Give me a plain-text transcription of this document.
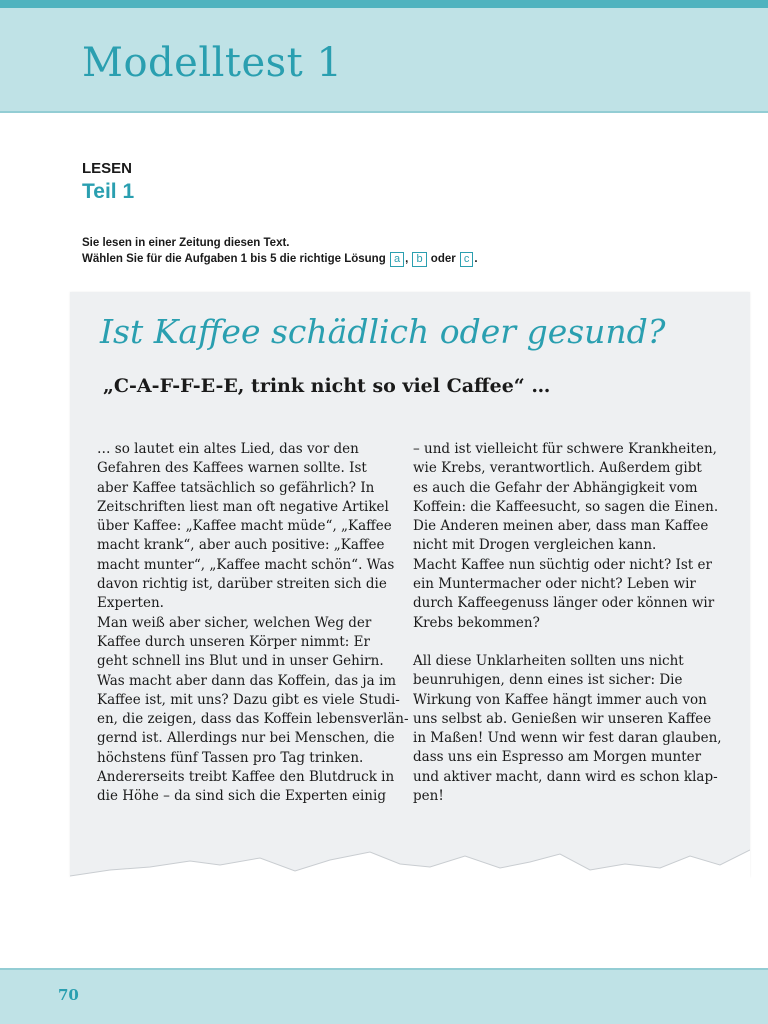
Modelltest 1
LESEN
Teil 1
Sie lesen in einer Zeitung diesen Text.
Wählen Sie für die Aufgaben 1 bis 5 die richtige Lösung a , b oder c .
Ist Kaffee schädlich oder gesund?
„C-A-F-F-E-E, trink nicht so viel Caffee“ …

… so lautet ein altes Lied, das vor den

Gefahren des Kaffees warnen sollte. Ist

aber Kaffee tatsächlich so gefährlich? In

Zeitschriften liest man oft negative Artikel

über Kaffee: „Kaffee macht müde“, „Kaffee

macht krank“, aber auch positive: „Kaffee

macht munter“, „Kaffee macht schön“. Was

davon richtig ist, darüber streiten sich die

Experten.

Man weiß aber sicher, welchen Weg der

Kaffee durch unseren Körper nimmt: Er

geht schnell ins Blut und in unser Gehirn.

Was macht aber dann das Koffein, das ja im

Kaffee ist, mit uns? Dazu gibt es viele Studi-

en, die zeigen, dass das Koffein lebensverlän-

gernd ist. Allerdings nur bei Menschen, die

höchstens fünf Tassen pro Tag trinken.

Andererseits treibt Kaffee den Blutdruck in

die Höhe – da sind sich die Experten einig

– und ist vielleicht für schwere Krankheiten,

wie Krebs, verantwortlich. Außerdem gibt

es auch die Gefahr der Abhängigkeit vom

Koffein: die Kaffeesucht, so sagen die Einen.

Die Anderen meinen aber, dass man Kaffee

nicht mit Drogen vergleichen kann.

Macht Kaffee nun süchtig oder nicht? Ist er

ein Muntermacher oder nicht? Leben wir

durch Kaffeegenuss länger oder können wir

Krebs bekommen?

All diese Unklarheiten sollten uns nicht

beunruhigen, denn eines ist sicher: Die

Wirkung von Kaffee hängt immer auch von

uns selbst ab. Genießen wir unseren Kaffee

in Maßen! Und wenn wir fest daran glauben,

dass uns ein Espresso am Morgen munter

und aktiver macht, dann wird es schon klap-

pen!

70
